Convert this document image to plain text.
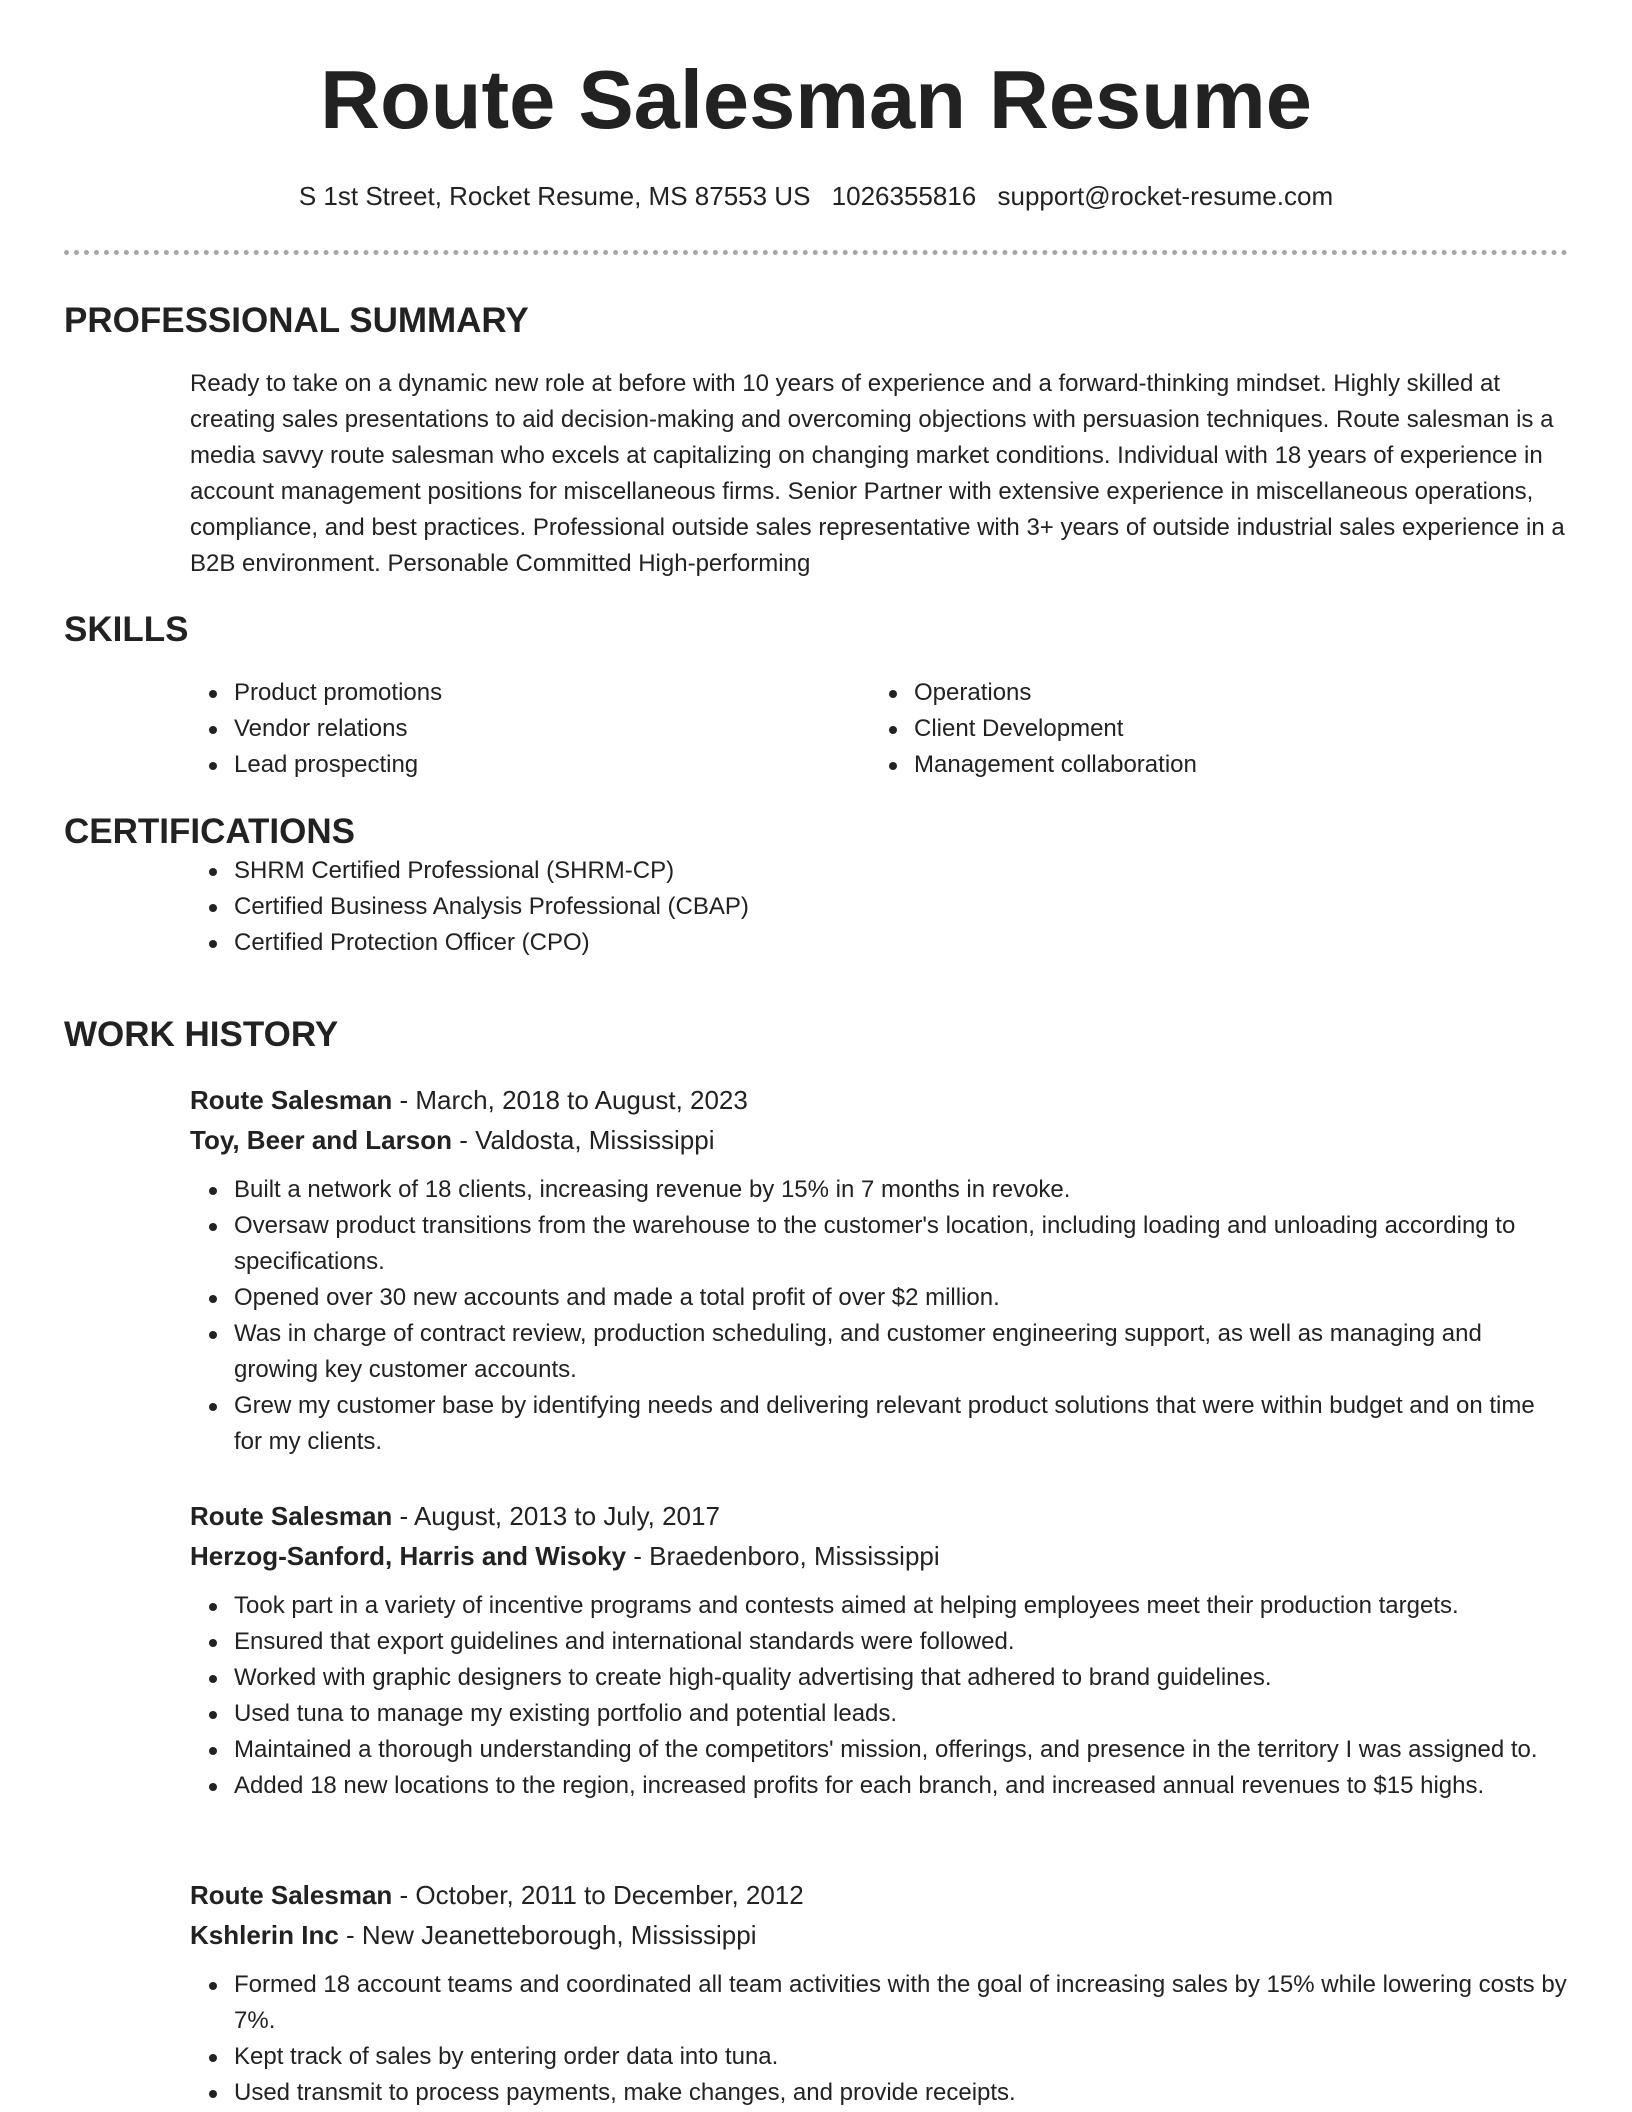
Route Salesman Resume
S 1st Street, Rocket Resume, MS 87553 US 1026355816 support@rocket-resume.com
PROFESSIONAL SUMMARY
Ready to take on a dynamic new role at before with 10 years of experience and a forward-thinking mindset. Highly skilled at creating sales presentations to aid decision-making and overcoming objections with persuasion techniques. Route salesman is a media savvy route salesman who excels at capitalizing on changing market conditions. Individual with 18 years of experience in account management positions for miscellaneous firms. Senior Partner with extensive experience in miscellaneous operations, compliance, and best practices. Professional outside sales representative with 3+ years of outside industrial sales experience in a B2B environment. Personable Committed High-performing
SKILLS
Product promotions
Vendor relations
Lead prospecting
Operations
Client Development
Management collaboration
CERTIFICATIONS
SHRM Certified Professional (SHRM-CP)
Certified Business Analysis Professional (CBAP)
Certified Protection Officer (CPO)
WORK HISTORY
Route Salesman - March, 2018 to August, 2023
Toy, Beer and Larson - Valdosta, Mississippi
Built a network of 18 clients, increasing revenue by 15% in 7 months in revoke.
Oversaw product transitions from the warehouse to the customer's location, including loading and unloading according to specifications.
Opened over 30 new accounts and made a total profit of over $2 million.
Was in charge of contract review, production scheduling, and customer engineering support, as well as managing and growing key customer accounts.
Grew my customer base by identifying needs and delivering relevant product solutions that were within budget and on time for my clients.
Route Salesman - August, 2013 to July, 2017
Herzog-Sanford, Harris and Wisoky - Braedenboro, Mississippi
Took part in a variety of incentive programs and contests aimed at helping employees meet their production targets.
Ensured that export guidelines and international standards were followed.
Worked with graphic designers to create high-quality advertising that adhered to brand guidelines.
Used tuna to manage my existing portfolio and potential leads.
Maintained a thorough understanding of the competitors' mission, offerings, and presence in the territory I was assigned to.
Added 18 new locations to the region, increased profits for each branch, and increased annual revenues to $15 highs.
Route Salesman - October, 2011 to December, 2012
Kshlerin Inc - New Jeanetteborough, Mississippi
Formed 18 account teams and coordinated all team activities with the goal of increasing sales by 15% while lowering costs by 7%.
Kept track of sales by entering order data into tuna.
Used transmit to process payments, make changes, and provide receipts.
